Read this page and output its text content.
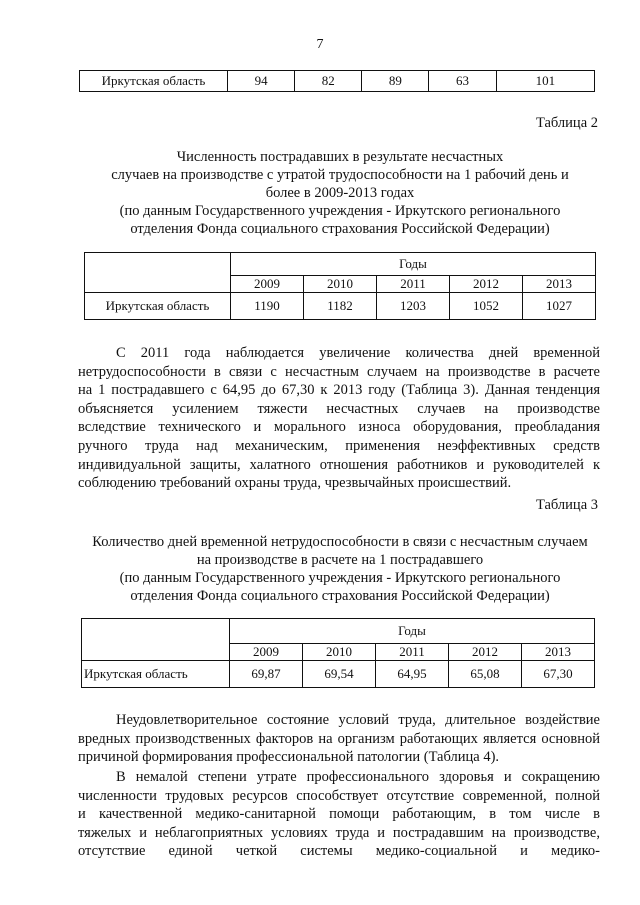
7
Иркутская область	94	82	89	63	101
Таблица 2
Численность пострадавших в результате несчастных
случаев на производстве с утратой трудоспособности на 1 рабочий день и
более в 2009-2013 годах
(по данным Государственного учреждения - Иркутского регионального
отделения Фонда социального страхования Российской Федерации)
	Годы				
	2009	2010	2011	2012	2013
Иркутская область	1190	1182	1203	1052	1027
С 2011 года наблюдается увеличение количества дней временной
нетрудоспособности в связи с несчастным случаем на производстве в расчете
на 1 пострадавшего с 64,95 до 67,30 к 2013 году (Таблица 3). Данная тенденция
объясняется усилением тяжести несчастных случаев на производстве
вследствие технического и морального износа оборудования, преобладания
ручного труда над механическим, применения неэффективных средств
индивидуальной защиты, халатного отношения работников и руководителей к
соблюдению требований охраны труда, чрезвычайных происшествий.
Таблица 3
Количество дней временной нетрудоспособности в связи с несчастным случаем
на производстве в расчете на 1 пострадавшего
(по данным Государственного учреждения - Иркутского регионального
отделения Фонда социального страхования Российской Федерации)
	Годы				
	2009	2010	2011	2012	2013
Иркутская область	69,87	69,54	64,95	65,08	67,30
Неудовлетворительное состояние условий труда, длительное воздействие
вредных производственных факторов на организм работающих является основной
причиной формирования профессиональной патологии (Таблица 4).
В немалой степени утрате профессионального здоровья и сокращению
численности трудовых ресурсов способствует отсутствие современной, полной
и качественной медико-санитарной помощи работающим, в том числе в
тяжелых и неблагоприятных условиях труда и пострадавшим на производстве,
отсутствие единой четкой системы медико-социальной и медико-
